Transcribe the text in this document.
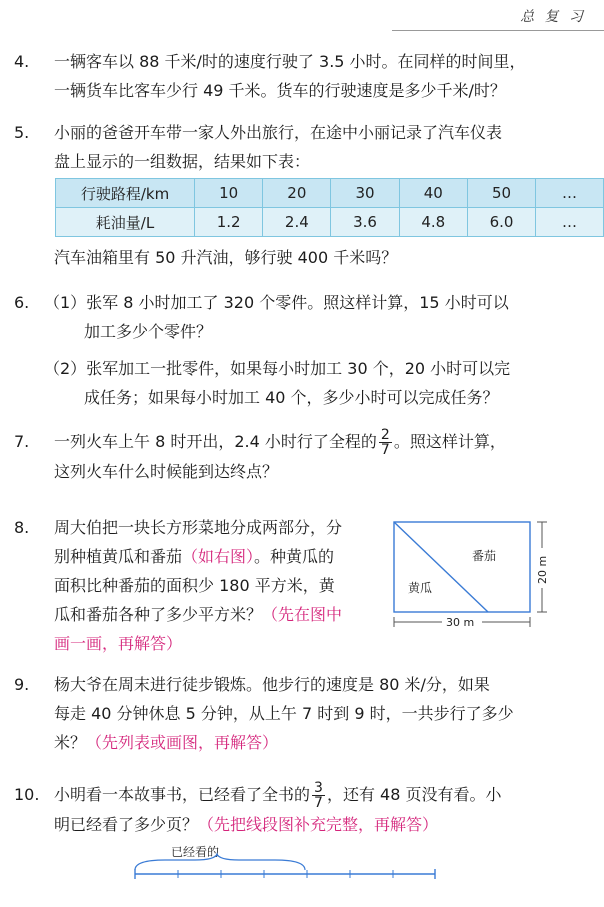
总 复 习
4.	一辆客车以 88 千米/时的速度行驶了 3.5 小时。在同样的时间里，
一辆货车比客车少行 49 千米。货车的行驶速度是多少千米/时？
5.	小丽的爸爸开车带一家人外出旅行，在途中小丽记录了汽车仪表
盘上显示的一组数据，结果如下表：
行驶路程/km	10	20	30	40	50	…
耗油量/L	1.2	2.4	3.6	4.8	6.0	…
汽车油箱里有 50 升汽油，够行驶 400 千米吗？
6. （1）张军 8 小时加工了 320 个零件。照这样计算，15 小时可以
加工多少个零件？
（2）张军加工一批零件，如果每小时加工 30 个，20 小时可以完
成任务；如果每小时加工 40 个，多少小时可以完成任务？
7.	一列火车上午 8 时开出，2.4 小时行了全程的 $\frac{2}{7}$ 。照这样计算，
这列火车什么时候能到达终点？
8.	周大伯把一块长方形菜地分成两部分，分
别种植黄瓜和番茄（如右图）。种黄瓜的
面积比种番茄的面积少 180 平方米，黄
瓜和番茄各种了多少平方米？（先在图中
画一画，再解答）
番茄
黄瓜
30 m
20 m
9.	杨大爷在周末进行徒步锻炼。他步行的速度是 80 米/分，如果
每走 40 分钟休息 5 分钟，从上午 7 时到 9 时，一共步行了多少
米？（先列表或画图，再解答）
10. 小明看一本故事书，已经看了全书的 $\frac{3}{7}$ ，还有 48 页没有看。小
明已经看了多少页？（先把线段图补充完整，再解答）
已经看的
